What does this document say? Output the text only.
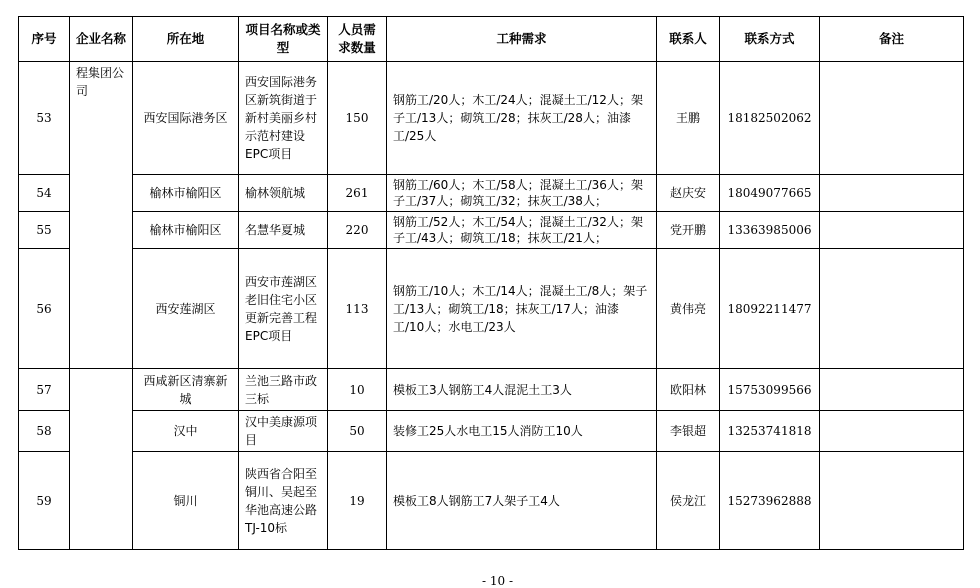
序号	企业名称	所在地	项目名称或类型	人员需求数量	工种需求	联系人	联系方式	备注
53	程集团公司	西安国际港务区	西安国际港务区新筑街道于新村美丽乡村示范村建设EPC项目	150	钢筋工/20人；木工/24人；混凝土工/12人；架子工/13人；砌筑工/28；抹灰工/28人；油漆工/25人	王鹏	18182502062	
54		榆林市榆阳区	榆林领航城	261	钢筋工/60人；木工/58人；混凝土工/36人；架子工/37人；砌筑工/32；抹灰工/38人；	赵庆安	18049077665	
55		榆林市榆阳区	名慧华夏城	220	钢筋工/52人；木工/54人；混凝土工/32人；架子工/43人；砌筑工/18；抹灰工/21人；	党开鹏	13363985006	
56		西安莲湖区	西安市莲湖区老旧住宅小区更新完善工程EPC项目	113	钢筋工/10人；木工/14人；混凝土工/8人；架子工/13人；砌筑工/18；抹灰工/17人；油漆工/10人；水电工/23人	黄伟亮	18092211477	
57		西咸新区清寨新城	兰池三路市政三标	10	模板工3人钢筋工4人混泥土工3人	欧阳林	15753099566	
58		汉中	汉中美康源项目	50	装修工25人水电工15人消防工10人	李银超	13253741818	
59		铜川	陕西省合阳至铜川、吴起至华池高速公路TJ-10标	19	模板工8人钢筋工7人架子工4人	侯龙江	15273962888	
- 10 -
